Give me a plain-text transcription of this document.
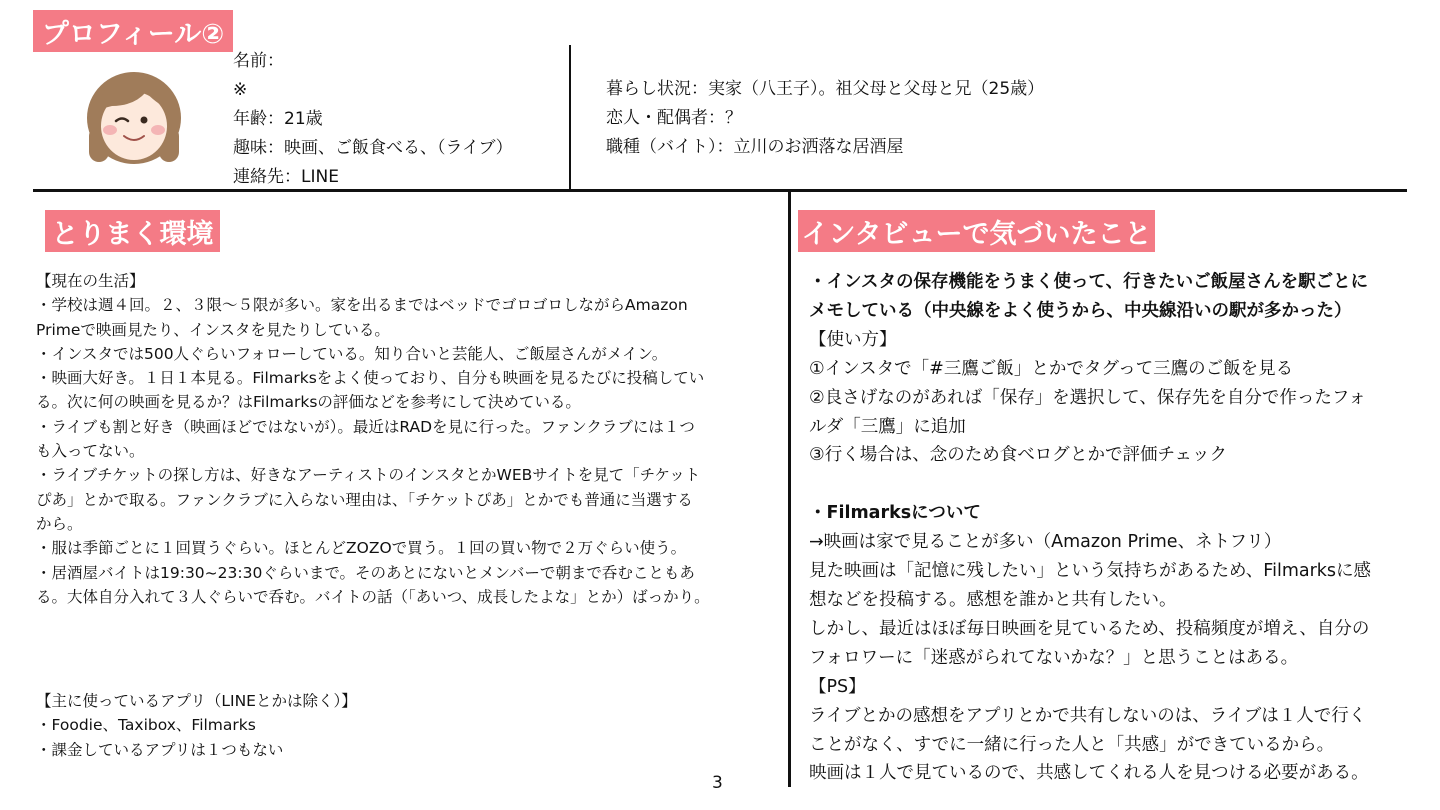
プロフィール②
とりまく環境	インタビューで気づいたこと
名前：
※
年齢：21歳
趣味：映画、ご飯食べる、（ライブ）
連絡先：LINE
暮らし状況：実家（八王子）。祖父母と父母と兄（25歳）
恋人・配偶者：？
職種（バイト）：立川のお洒落な居酒屋
【現在の生活】
・学校は週４回。２、３限〜５限が多い。家を出るまではベッドでゴロゴロしながらAmazon
Primeで映画見たり、インスタを見たりしている。
・インスタでは500人ぐらいフォローしている。知り合いと芸能人、ご飯屋さんがメイン。
・映画大好き。１日１本見る。Filmarksをよく使っており、自分も映画を見るたびに投稿してい
る。次に何の映画を見るか？はFilmarksの評価などを参考にして決めている。
・ライブも割と好き（映画ほどではないが）。最近はRADを見に行った。ファンクラブには１つ
も入ってない。
・ライブチケットの探し方は、好きなアーティストのインスタとかWEBサイトを見て「チケット
ぴあ」とかで取る。ファンクラブに入らない理由は、「チケットぴあ」とかでも普通に当選する
から。
・服は季節ごとに１回買うぐらい。ほとんどZOZOで買う。１回の買い物で２万ぐらい使う。
・居酒屋バイトは19:30~23:30ぐらいまで。そのあとにないとメンバーで朝まで呑むこともあ
る。大体自分入れて３人ぐらいで呑む。バイトの話（「あいつ、成長したよな」とか）ばっかり。
【主に使っているアプリ（LINEとかは除く）】
・Foodie、Taxibox、Filmarks
・課金しているアプリは１つもない
・インスタの保存機能をうまく使って、行きたいご飯屋さんを駅ごとに
メモしている（中央線をよく使うから、中央線沿いの駅が多かった）
【使い方】
①インスタで「#三鷹ご飯」とかでタグって三鷹のご飯を見る
②良さげなのがあれば「保存」を選択して、保存先を自分で作ったフォ
ルダ「三鷹」に追加
③行く場合は、念のため食べログとかで評価チェック

・Filmarksについて
→映画は家で見ることが多い（Amazon Prime、ネトフリ）
見た映画は「記憶に残したい」という気持ちがあるため、Filmarksに感
想などを投稿する。感想を誰かと共有したい。
しかし、最近はほぼ毎日映画を見ているため、投稿頻度が増え、自分の
フォロワーに「迷惑がられてないかな？」と思うことはある。
【PS】
ライブとかの感想をアプリとかで共有しないのは、ライブは１人で行く
ことがなく、すでに一緒に行った人と「共感」ができているから。
映画は１人で見ているので、共感してくれる人を見つける必要がある。
3
